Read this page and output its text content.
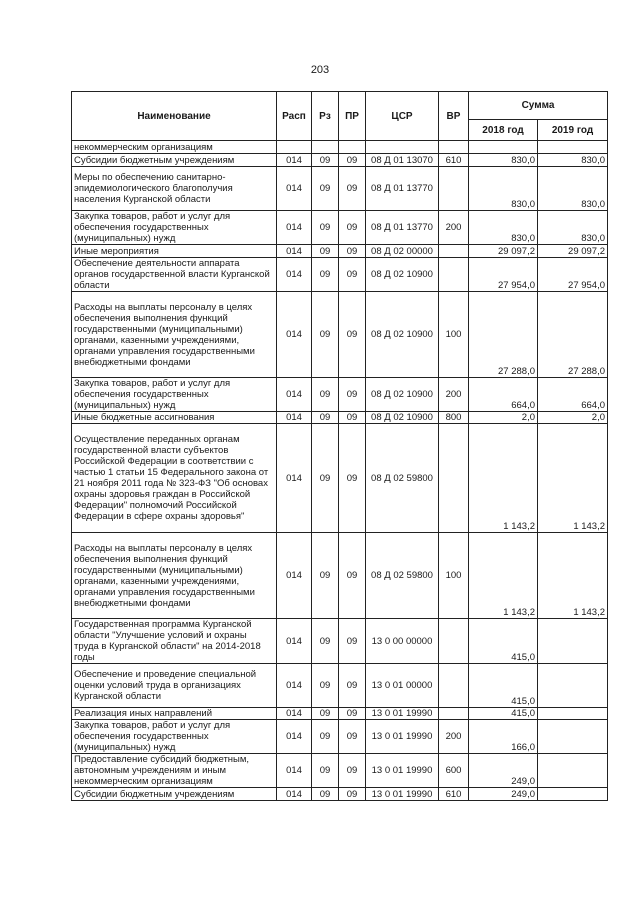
203
Наименование	Расп	Рз	ПР	ЦСР	ВР	Сумма	
						2018 год	2019 год
некоммерческим организациям							
Субсидии бюджетным учреждениям	014	09	09	08 Д 01 13070	610	830,0	830,0
Меры по обеспечению санитарно-эпидемиологического благополучия населения Курганской области	014	09	09	08 Д 01 13770		830,0	830,0
Закупка товаров, работ и услуг для обеспечения государственных (муниципальных) нужд	014	09	09	08 Д 01 13770	200	830,0	830,0
Иные мероприятия	014	09	09	08 Д 02 00000		29 097,2	29 097,2
Обеспечение деятельности аппарата органов государственной власти Курганской области	014	09	09	08 Д 02 10900		27 954,0	27 954,0
Расходы на выплаты персоналу в целях обеспечения выполнения функций государственными (муниципальными) органами, казенными учреждениями, органами управления государственными внебюджетными фондами	014	09	09	08 Д 02 10900	100	27 288,0	27 288,0
Закупка товаров, работ и услуг для обеспечения государственных (муниципальных) нужд	014	09	09	08 Д 02 10900	200	664,0	664,0
Иные бюджетные ассигнования	014	09	09	08 Д 02 10900	800	2,0	2,0
Осуществление переданных органам государственной власти субъектов Российской Федерации в соответствии с частью 1 статьи 15 Федерального закона от 21 ноября 2011 года № 323-ФЗ "Об основах охраны здоровья граждан в Российской Федерации" полномочий Российской Федерации в сфере охраны здоровья"	014	09	09	08 Д 02 59800		1 143,2	1 143,2
Расходы на выплаты персоналу в целях обеспечения выполнения функций государственными (муниципальными) органами, казенными учреждениями, органами управления государственными внебюджетными фондами	014	09	09	08 Д 02 59800	100	1 143,2	1 143,2
Государственная программа Курганской области "Улучшение условий и охраны труда в Курганской области" на 2014-2018 годы	014	09	09	13 0 00 00000		415,0	
Обеспечение и проведение специальной оценки условий труда в организациях Курганской области	014	09	09	13 0 01 00000		415,0	
Реализация иных направлений	014	09	09	13 0 01 19990		415,0	
Закупка товаров, работ и услуг для обеспечения государственных (муниципальных) нужд	014	09	09	13 0 01 19990	200	166,0	
Предоставление субсидий бюджетным, автономным учреждениям и иным некоммерческим организациям	014	09	09	13 0 01 19990	600	249,0	
Субсидии бюджетным учреждениям	014	09	09	13 0 01 19990	610	249,0	
